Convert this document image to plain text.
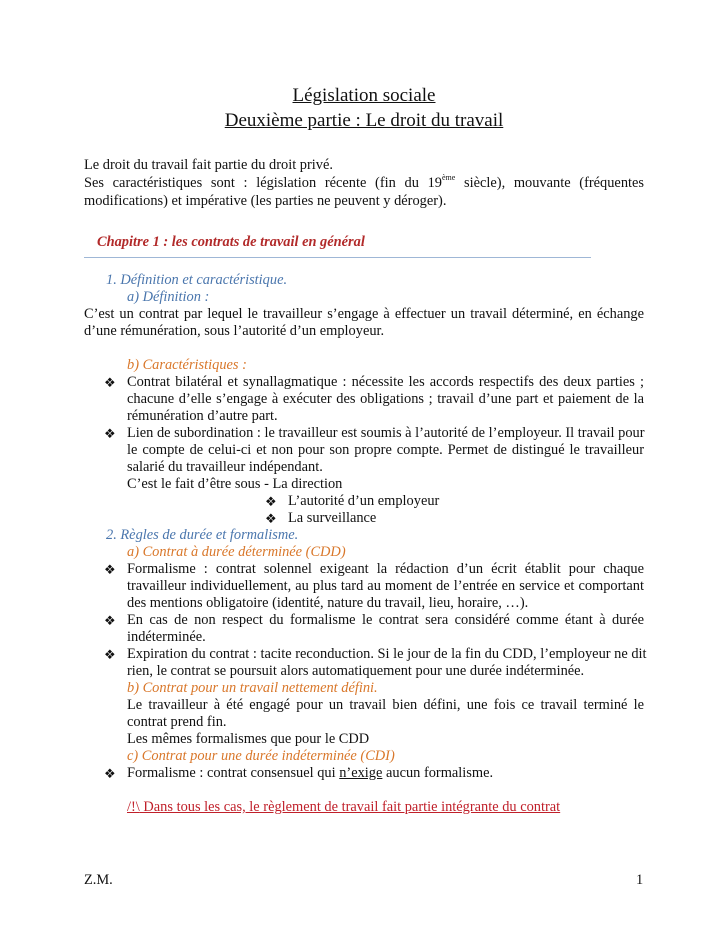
Législation sociale
Deuxième partie : Le droit du travail
Le droit du travail fait partie du droit privé.
Ses caractéristiques sont : législation récente (fin du 19ème siècle), mouvante (fréquentes
modifications) et impérative (les parties ne peuvent y déroger).
Chapitre 1 : les contrats de travail en général
1. Définition et caractéristique.
a) Définition :
C’est un contrat par lequel le travailleur s’engage à effectuer un travail déterminé, en échange
d’une rémunération, sous l’autorité d’un employeur.
b) Caractéristiques :
❖ Contrat bilatéral et synallagmatique : nécessite les accords respectifs des deux parties ;
chacune d’elle s’engage à exécuter des obligations ; travail d’une part et paiement de la
rémunération d’autre part.
❖ Lien de subordination : le travailleur est soumis à l’autorité de l’employeur. Il travail pour
le compte de celui-ci et non pour son propre compte. Permet de distingué le travailleur
salarié du travailleur indépendant.
C’est le fait d’être sous - La direction
❖ L’autorité d’un employeur
❖ La surveillance
2. Règles de durée et formalisme.
a) Contrat à durée déterminée (CDD)
❖ Formalisme : contrat solennel exigeant la rédaction d’un écrit établit pour chaque
travailleur individuellement, au plus tard au moment de l’entrée en service et comportant
des mentions obligatoire (identité, nature du travail, lieu, horaire, …).
❖ En cas de non respect du formalisme le contrat sera considéré comme étant à durée
indéterminée.
❖ Expiration du contrat : tacite reconduction. Si le jour de la fin du CDD, l’employeur ne dit
rien, le contrat se poursuit alors automatiquement pour une durée indéterminée.
b) Contrat pour un travail nettement défini.
Le travailleur à été engagé pour un travail bien défini, une fois ce travail terminé le
contrat prend fin.
Les mêmes formalismes que pour le CDD
c) Contrat pour une durée indéterminée (CDI)
❖ Formalisme : contrat consensuel qui n’exige aucun formalisme.
/!\ Dans tous les cas, le règlement de travail fait partie intégrante du contrat
Z.M.	1
